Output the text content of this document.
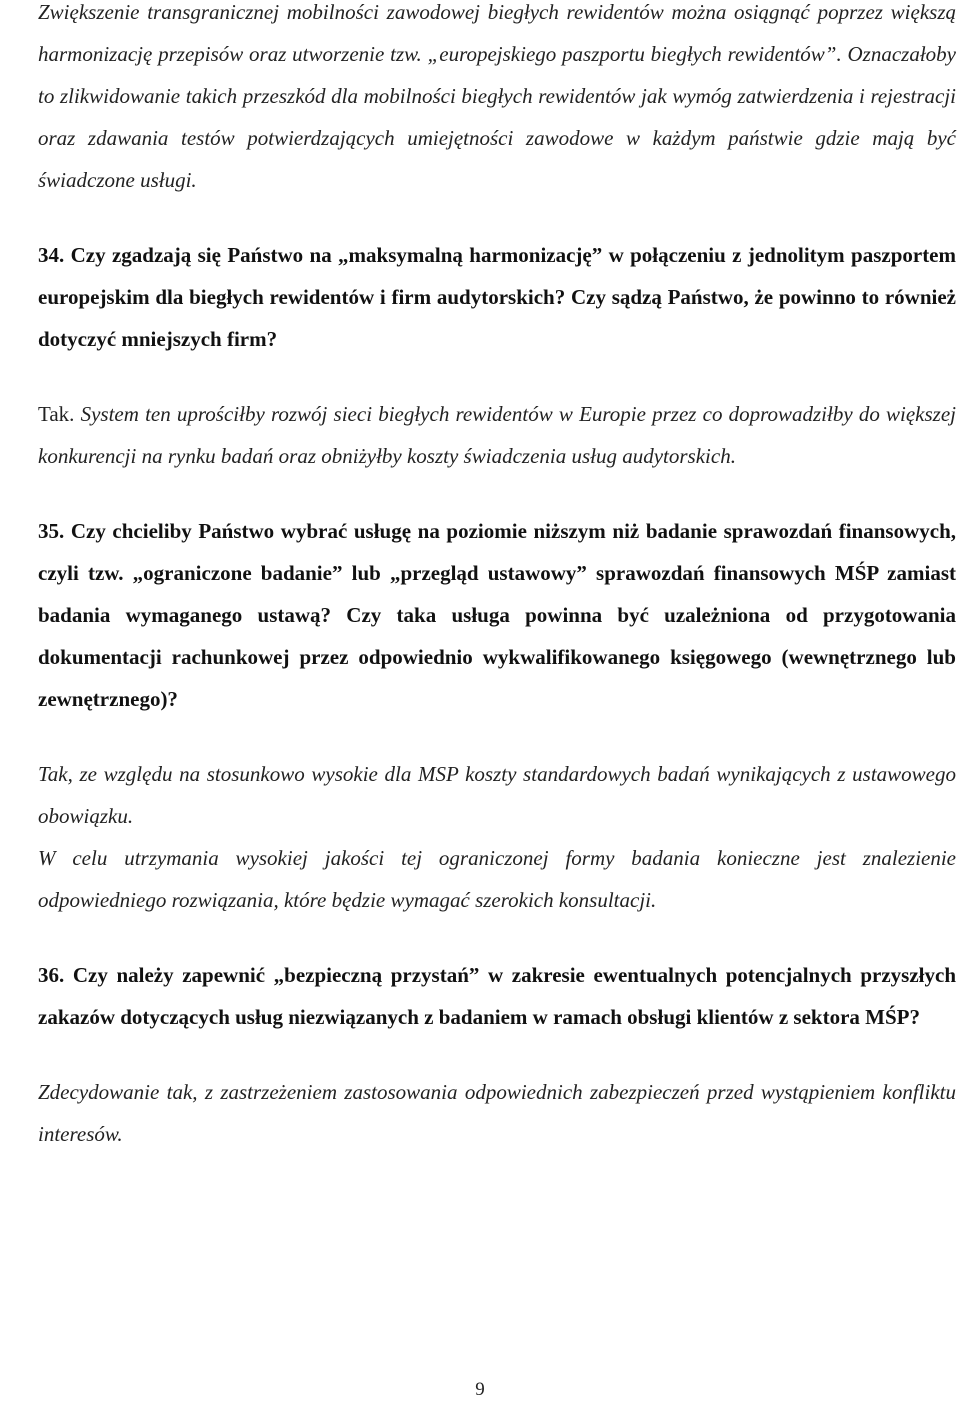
Zwiększenie transgranicznej mobilności zawodowej biegłych rewidentów można osiągnąć poprzez większą harmonizację przepisów oraz utworzenie tzw. „europejskiego paszportu biegłych rewidentów”. Oznaczałoby to zlikwidowanie takich przeszkód dla mobilności biegłych rewidentów jak wymóg zatwierdzenia i rejestracji oraz zdawania testów potwierdzających umiejętności zawodowe w każdym państwie gdzie mają być świadczone usługi.

34. Czy zgadzają się Państwo na „maksymalną harmonizację” w połączeniu z jednolitym paszportem europejskim dla biegłych rewidentów i firm audytorskich? Czy sądzą Państwo, że powinno to również dotyczyć mniejszych firm?

Tak. System ten uprościłby rozwój sieci biegłych rewidentów w Europie przez co doprowadziłby do większej konkurencji na rynku badań oraz obniżyłby koszty świadczenia usług audytorskich.

35. Czy chcieliby Państwo wybrać usługę na poziomie niższym niż badanie sprawozdań finansowych, czyli tzw. „ograniczone badanie” lub „przegląd ustawowy” sprawozdań finansowych MŚP zamiast badania wymaganego ustawą? Czy taka usługa powinna być uzależniona od przygotowania dokumentacji rachunkowej przez odpowiednio wykwalifikowanego księgowego (wewnętrznego lub zewnętrznego)?

Tak, ze względu na stosunkowo wysokie dla MSP koszty standardowych badań wynikających z ustawowego obowiązku.

W celu utrzymania wysokiej jakości tej ograniczonej formy badania konieczne jest znalezienie odpowiedniego rozwiązania, które będzie wymagać szerokich konsultacji.

36. Czy należy zapewnić „bezpieczną przystań” w zakresie ewentualnych potencjalnych przyszłych zakazów dotyczących usług niezwiązanych z badaniem w ramach obsługi klientów z sektora MŚP?

Zdecydowanie tak, z zastrzeżeniem zastosowania odpowiednich zabezpieczeń przed wystąpieniem konfliktu interesów.

9
